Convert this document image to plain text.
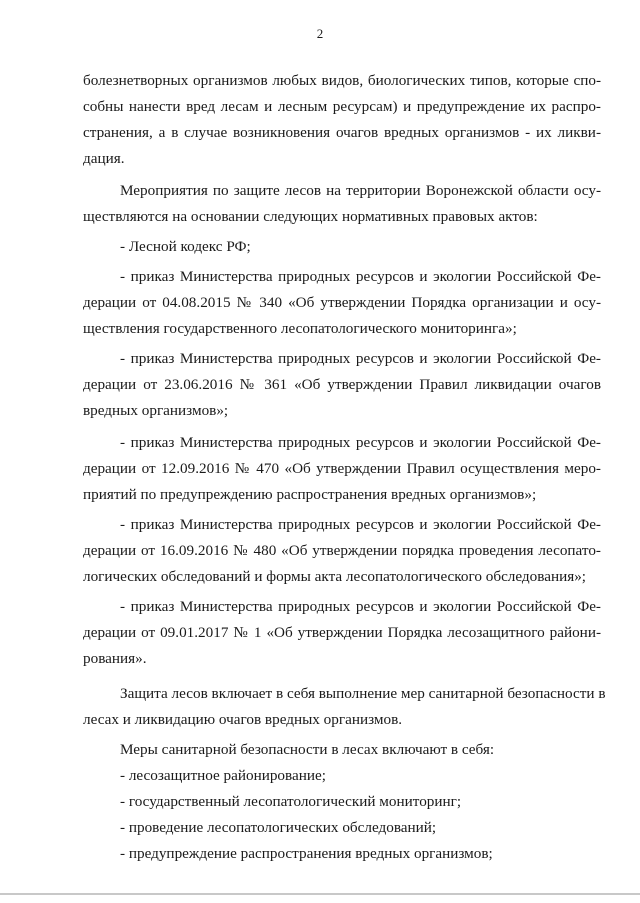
2

болезнетворных организмов любых видов, биологических типов, которые спо-
собны нанести вред лесам и лесным ресурсам) и предупреждение их распро-
странения, а в случае возникновения очагов вредных организмов - их ликви-
дация.

Мероприятия по защите лесов на территории Воронежской области осу-
ществляются на основании следующих нормативных правовых актов:

- Лесной кодекс РФ;

- приказ Министерства природных ресурсов и экологии Российской Фе-
дерации от 04.08.2015 № 340 «Об утверждении Порядка организации и осу-
ществления государственного лесопатологического мониторинга»;

- приказ Министерства природных ресурсов и экологии Российской Фе-
дерации от 23.06.2016 № 361 «Об утверждении Правил ликвидации очагов
вредных организмов»;

- приказ Министерства природных ресурсов и экологии Российской Фе-
дерации от 12.09.2016 № 470 «Об утверждении Правил осуществления меро-
приятий по предупреждению распространения вредных организмов»;

- приказ Министерства природных ресурсов и экологии Российской Фе-
дерации от 16.09.2016 № 480 «Об утверждении порядка проведения лесопато-
логических обследований и формы акта лесопатологического обследования»;

- приказ Министерства природных ресурсов и экологии Российской Фе-
дерации от 09.01.2017 № 1 «Об утверждении Порядка лесозащитного райони-
рования».

Защита лесов включает в себя выполнение мер санитарной безопасности в
лесах и ликвидацию очагов вредных организмов.

Меры санитарной безопасности в лесах включают в себя:

- лесозащитное районирование;

- государственный лесопатологический мониторинг;

- проведение лесопатологических обследований;

- предупреждение распространения вредных организмов;
